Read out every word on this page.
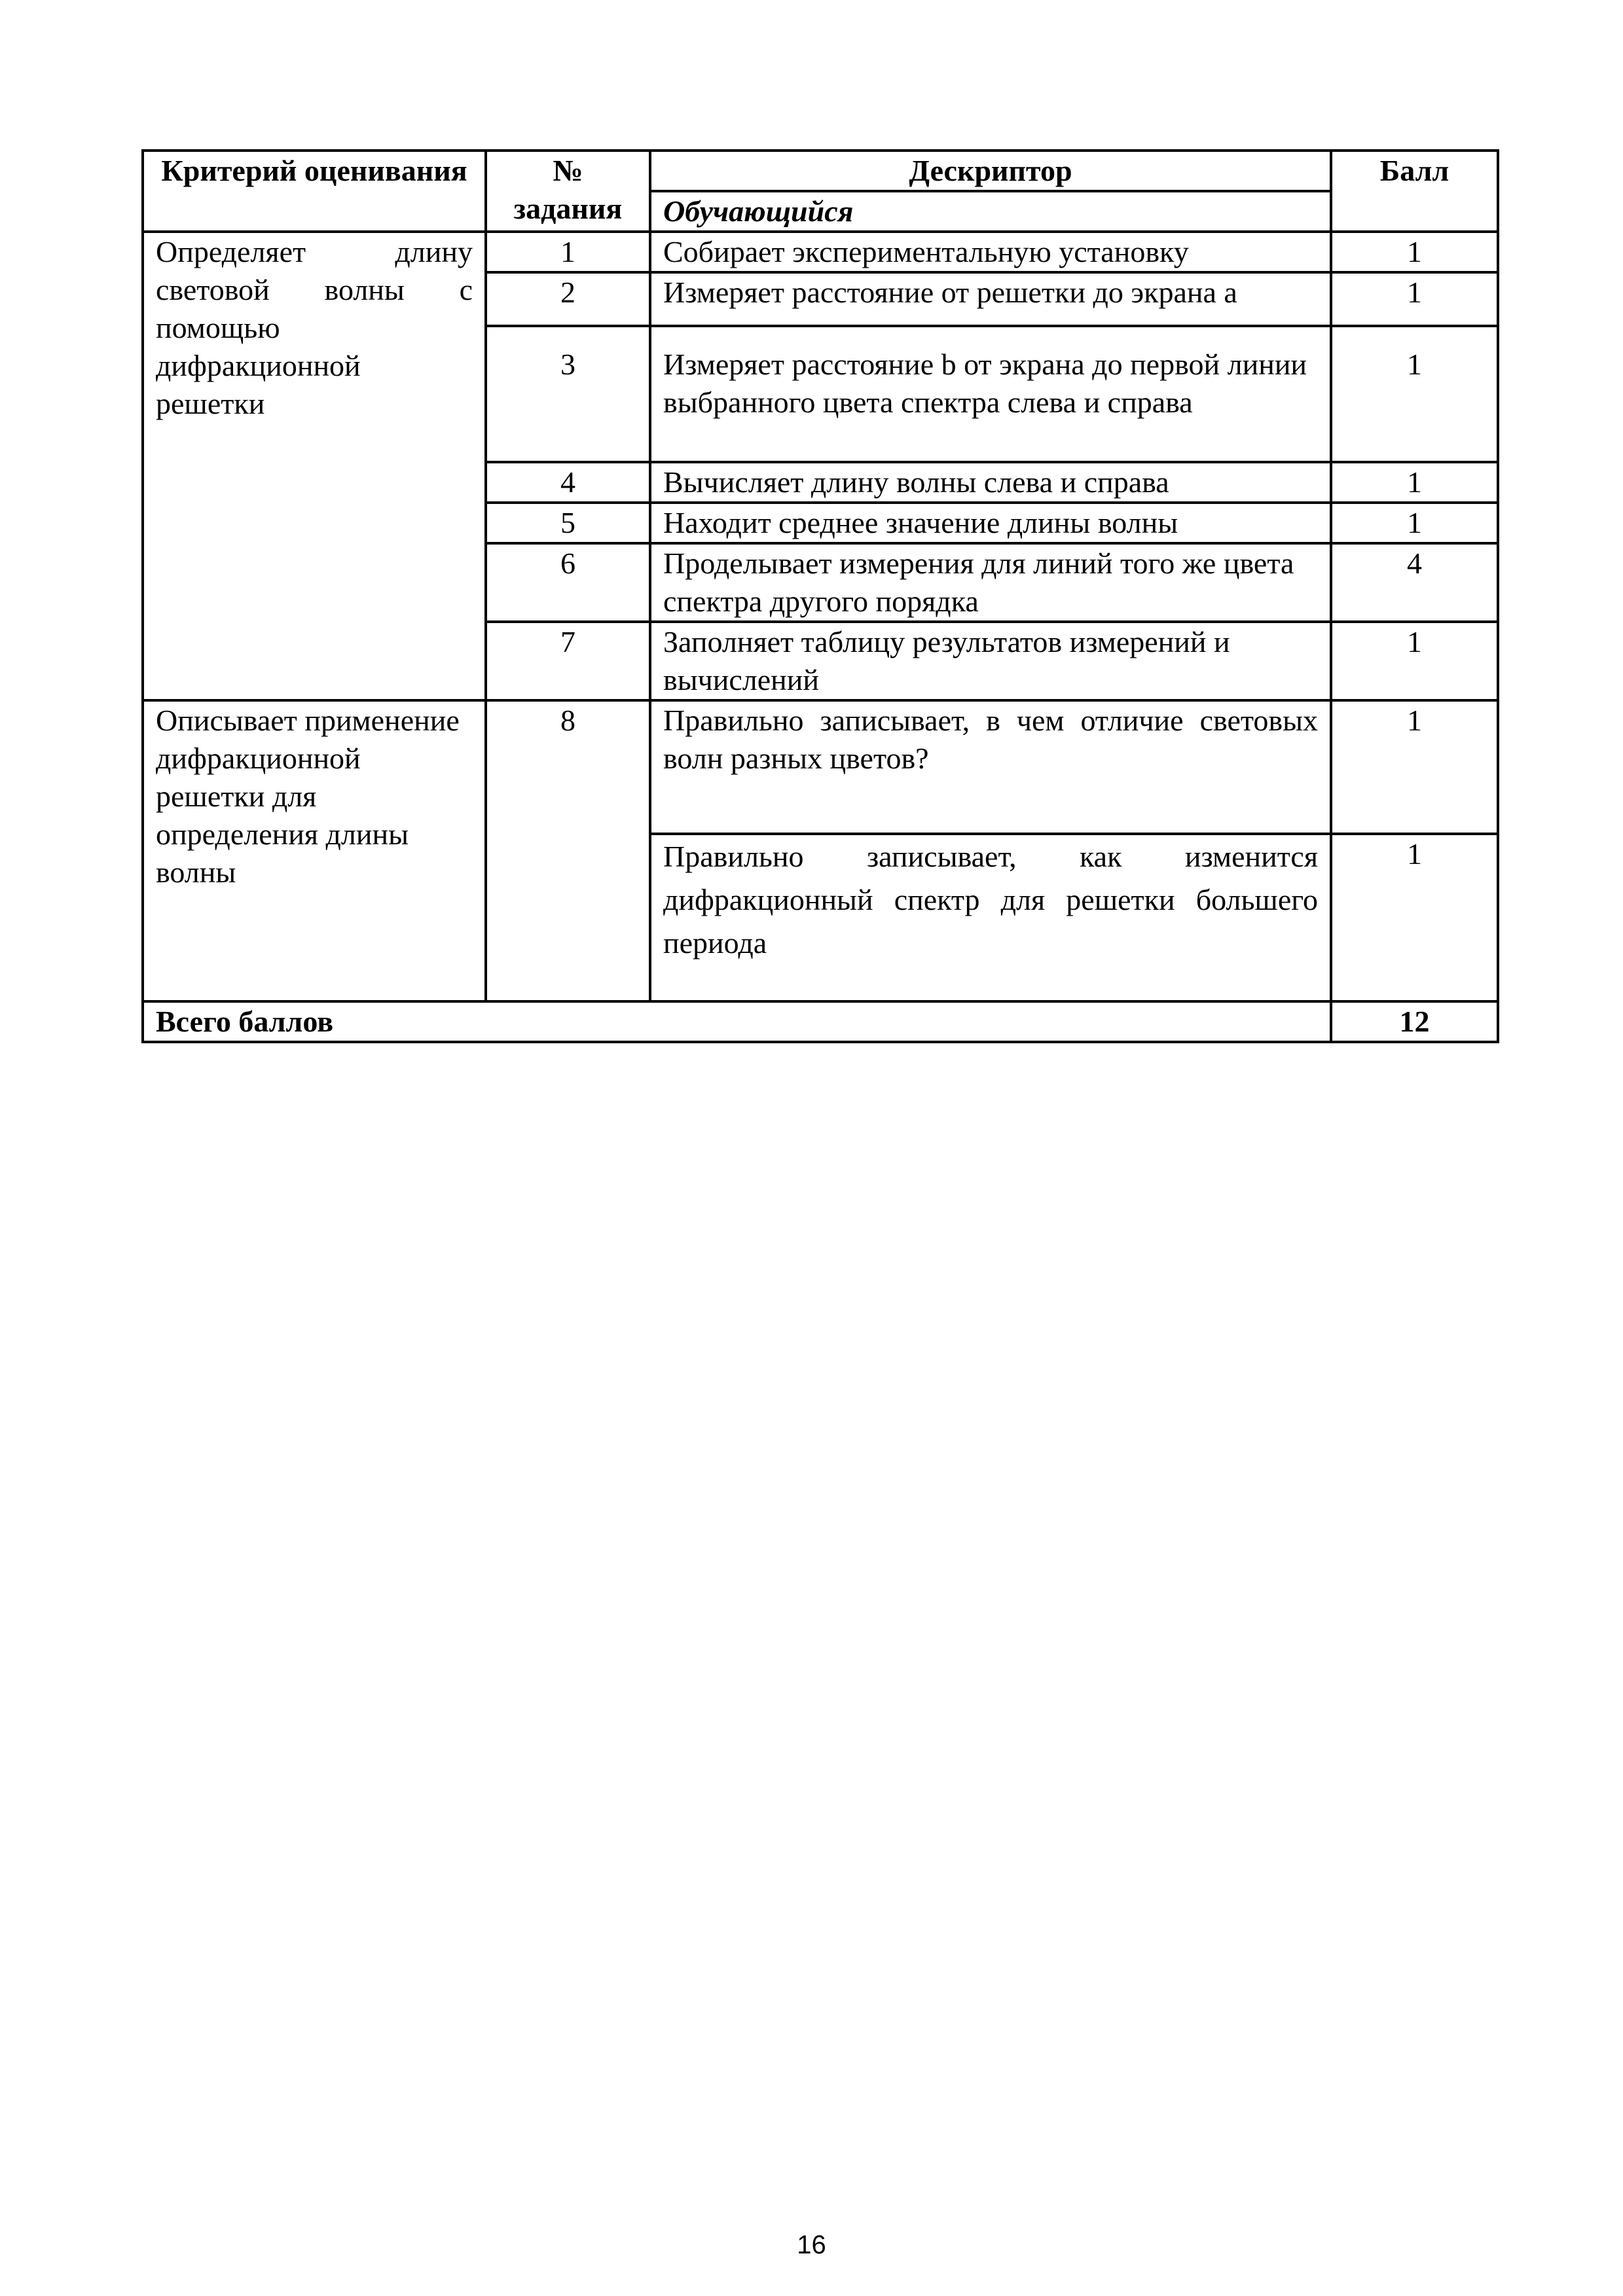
Критерий оценивания	№ задания	Дескриптор	Балл
		Обучающийся	
Определяет длину световой волны с помощью дифракционной решетки	1	Собирает экспериментальную установку	1
	2	Измеряет расстояние от решетки до экрана а	1
	3	Измеряет расстояние b от экрана до первой линии выбранного цвета спектра слева и справа	1
	4	Вычисляет длину волны слева и справа	1
	5	Находит среднее значение длины волны	1
	6	Проделывает измерения для линий того же цвета спектра другого порядка	4
	7	Заполняет таблицу результатов измерений и вычислений	1
Описывает применение дифракционной решетки для определения длины волны	8	Правильно записывает, в чем отличие световых волн разных цветов?	1
		Правильно записывает, как изменится дифракционный спектр для решетки большего периода	1
Всего баллов			12
16
